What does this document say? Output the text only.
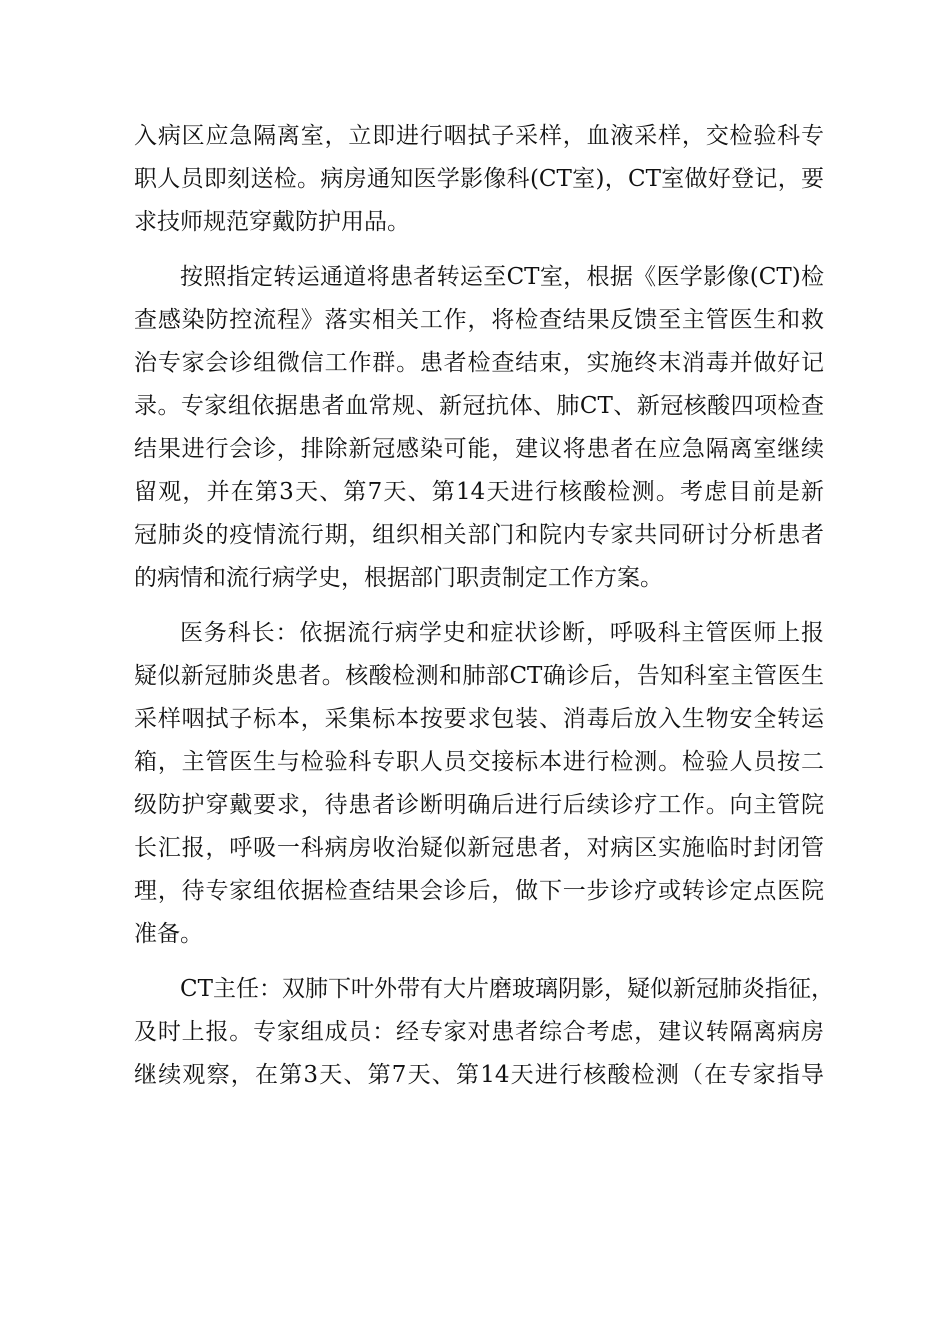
入病区应急隔离室，立即进行咽拭子采样，血液采样，交检验科专
职人员即刻送检。病房通知医学影像科(CT室)，CT室做好登记，要
求技师规范穿戴防护用品。
按照指定转运通道将患者转运至CT室，根据《医学影像(CT)检
查感染防控流程》落实相关工作，将检查结果反馈至主管医生和救
治专家会诊组微信工作群。患者检查结束，实施终末消毒并做好记
录。专家组依据患者血常规、新冠抗体、肺CT、新冠核酸四项检查
结果进行会诊，排除新冠感染可能，建议将患者在应急隔离室继续
留观，并在第3天、第7天、第14天进行核酸检测。考虑目前是新
冠肺炎的疫情流行期，组织相关部门和院内专家共同研讨分析患者
的病情和流行病学史，根据部门职责制定工作方案。
医务科长：依据流行病学史和症状诊断，呼吸科主管医师上报
疑似新冠肺炎患者。核酸检测和肺部CT确诊后，告知科室主管医生
采样咽拭子标本，采集标本按要求包装、消毒后放入生物安全转运
箱，主管医生与检验科专职人员交接标本进行检测。检验人员按二
级防护穿戴要求，待患者诊断明确后进行后续诊疗工作。向主管院
长汇报，呼吸一科病房收治疑似新冠患者，对病区实施临时封闭管
理，待专家组依据检查结果会诊后，做下一步诊疗或转诊定点医院
准备。
CT主任：双肺下叶外带有大片磨玻璃阴影，疑似新冠肺炎指征，
及时上报。专家组成员：经专家对患者综合考虑，建议转隔离病房
继续观察，在第3天、第7天、第14天进行核酸检测（在专家指导
